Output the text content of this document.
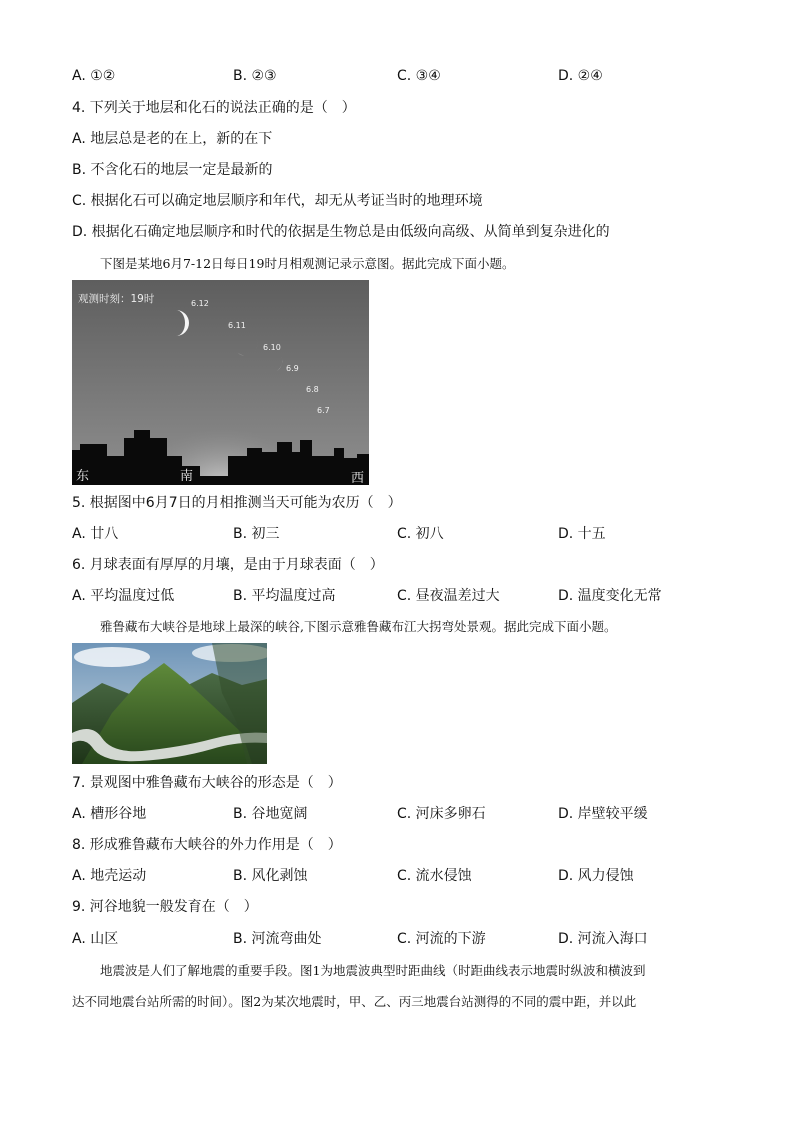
A. ①②	B. ②③	C. ③④	D. ②④
4. 下列关于地层和化石的说法正确的是（　）
A. 地层总是老的在上，新的在下
B. 不含化石的地层一定是最新的
C. 根据化石可以确定地层顺序和年代，却无从考证当时的地理环境
D. 根据化石确定地层顺序和时代的依据是生物总是由低级向高级、从简单到复杂进化的
下图是某地6月7-12日每日19时月相观测记录示意图。据此完成下面小题。
观测时刻：19时	6.12
6.11
6.10
6.9
6.8
6.7
东	南	西
5. 根据图中6月7日的月相推测当天可能为农历（　）
A. 廿八	B. 初三	C. 初八	D. 十五
6. 月球表面有厚厚的月壤，是由于月球表面（　）
A. 平均温度过低	B. 平均温度过高	C. 昼夜温差过大	D. 温度变化无常
雅鲁藏布大峡谷是地球上最深的峡谷,下图示意雅鲁藏布江大拐弯处景观。据此完成下面小题。
7. 景观图中雅鲁藏布大峡谷的形态是（　）
A. 槽形谷地	B. 谷地宽阔	C. 河床多卵石	D. 岸壁较平缓
8. 形成雅鲁藏布大峡谷的外力作用是（　）
A. 地壳运动	B. 风化剥蚀	C. 流水侵蚀	D. 风力侵蚀
9. 河谷地貌一般发育在（　）
A. 山区	B. 河流弯曲处	C. 河流的下游	D. 河流入海口
地震波是人们了解地震的重要手段。图1为地震波典型时距曲线（时距曲线表示地震时纵波和横波到
达不同地震台站所需的时间）。图2为某次地震时，甲、乙、丙三地震台站测得的不同的震中距，并以此
